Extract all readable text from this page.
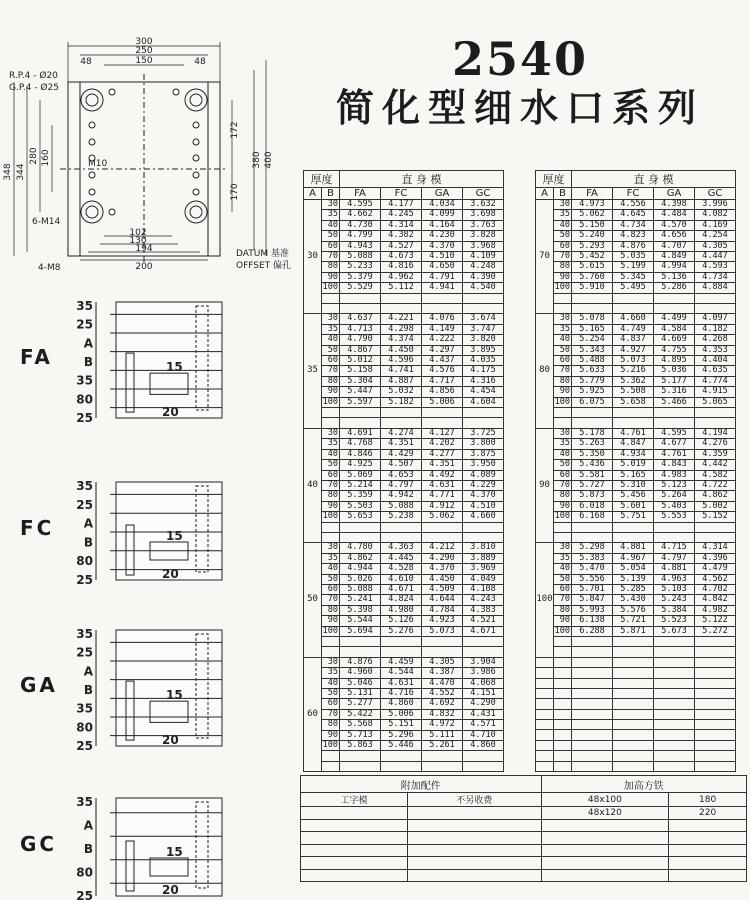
300
250
150
48	48
348 344
280 160	400
380
172
170
102
130
194
200
R.P.4 - Ø20
G.P.4 - Ø25
M10
6-M14
4-M8
DATUM 基准
OFFSET 偏孔
2540
简化型细水口系列
35
25
A
B
35
80
25
15
20
FA
35
25
A
B
80
25
15
20
FC
35
25
A
B
35
80
25
15
20
GA
35
A
B
80
25
15
20
GC
厚度		直 身 模			
A	B	FA	FC	GA	GC
30	30	4.595	4.177	4.034	3.632
	35	4.662	4.245	4.099	3.698
	40	4.730	4.314	4.164	3.763
	50	4.799	4.382	4.230	3.828
	60	4.943	4.527	4.370	3.968
	70	5.088	4.673	4.510	4.109
	80	5.233	4.816	4.650	4.248
	90	5.379	4.962	4.791	4.390
	100	5.529	5.112	4.941	4.540

35	30	4.637	4.221	4.076	3.674
	35	4.713	4.298	4.149	3.747
	40	4.790	4.374	4.222	3.820
	50	4.867	4.450	4.297	3.895
	60	5.012	4.596	4.437	4.035
	70	5.158	4.741	4.576	4.175
	80	5.304	4.887	4.717	4.316
	90	5.447	5.032	4.856	4.454
	100	5.597	5.182	5.006	4.604

40	30	4.691	4.274	4.127	3.725
	35	4.768	4.351	4.202	3.800
	40	4.846	4.429	4.277	3.875
	50	4.925	4.507	4.351	3.950
	60	5.069	4.653	4.492	4.089
	70	5.214	4.797	4.631	4.229
	80	5.359	4.942	4.771	4.370
	90	5.503	5.088	4.912	4.510
	100	5.653	5.238	5.062	4.660

50	30	4.780	4.363	4.212	3.810
	35	4.862	4.445	4.290	3.889
	40	4.944	4.528	4.370	3.969
	50	5.026	4.610	4.450	4.049
	60	5.088	4.671	4.509	4.108
	70	5.241	4.824	4.644	4.243
	80	5.398	4.980	4.784	4.383
	90	5.544	5.126	4.923	4.521
	100	5.694	5.276	5.073	4.671

60	30	4.876	4.459	4.305	3.904
	35	4.960	4.544	4.387	3.986
	40	5.046	4.631	4.470	4.068
	50	5.131	4.716	4.552	4.151
	60	5.277	4.860	4.692	4.290
	70	5.422	5.006	4.832	4.431
	80	5.568	5.151	4.972	4.571
	90	5.713	5.296	5.111	4.710
	100	5.863	5.446	5.261	4.860

厚度		直 身 模			
A	B	FA	FC	GA	GC
70	30	4.973	4.556	4.398	3.996
	35	5.062	4.645	4.484	4.082
	40	5.150	4.734	4.570	4.169
	50	5.240	4.823	4.656	4.254
	60	5.293	4.876	4.707	4.305
	70	5.452	5.035	4.849	4.447
	80	5.615	5.199	4.994	4.593
	90	5.760	5.345	5.136	4.734
	100	5.910	5.495	5.286	4.884

80	30	5.078	4.660	4.499	4.097
	35	5.165	4.749	4.584	4.182
	40	5.254	4.837	4.669	4.268
	50	5.343	4.927	4.755	4.353
	60	5.488	5.073	4.895	4.404
	70	5.633	5.216	5.036	4.635
	80	5.779	5.362	5.177	4.774
	90	5.925	5.508	5.316	4.915
	100	6.075	5.658	5.466	5.065

90	30	5.178	4.761	4.595	4.194
	35	5.263	4.847	4.677	4.276
	40	5.350	4.934	4.761	4.359
	50	5.436	5.019	4.843	4.442
	60	5.581	5.165	4.983	4.582
	70	5.727	5.310	5.123	4.722
	80	5.873	5.456	5.264	4.862
	90	6.018	5.601	5.403	5.002
	100	6.168	5.751	5.553	5.152

100	30	5.298	4.881	4.715	4.314
	35	5.383	4.967	4.797	4.396
	40	5.470	5.054	4.881	4.479
	50	5.556	5.139	4.963	4.562
	60	5.701	5.285	5.103	4.702
	70	5.847	5.430	5.243	4.842
	80	5.993	5.576	5.384	4.982
	90	6.138	5.721	5.523	5.122
	100	6.288	5.871	5.673	5.272

附加配件		加高方铁	
工字模	不另收费	48x100	180
		48x120	220
